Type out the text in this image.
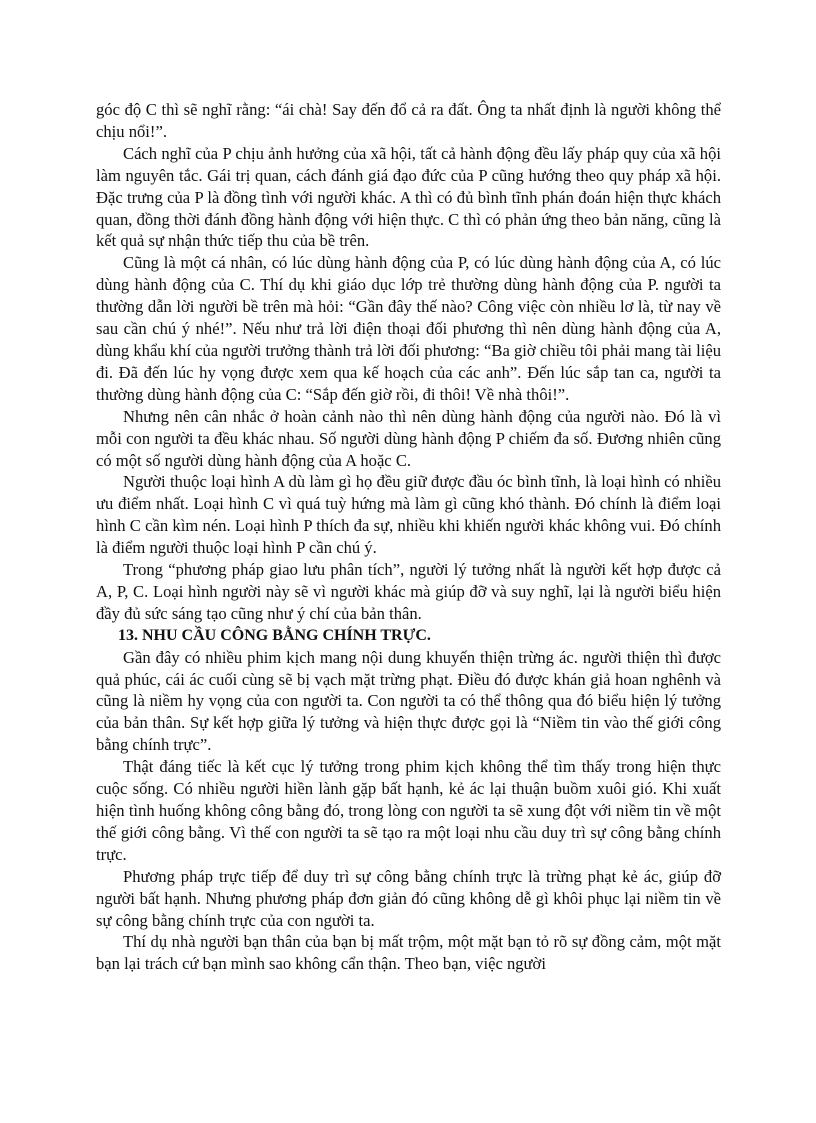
góc độ C thì sẽ nghĩ rằng: “ái chà! Say đến đổ cả ra đất. Ông ta nhất định là người không thể chịu nổi!”.

Cách nghĩ của P chịu ảnh hưởng của xã hội, tất cả hành động đều lấy pháp quy của xã hội làm nguyên tắc. Gái trị quan, cách đánh giá đạo đức của P cũng hướng theo quy pháp xã hội. Đặc trưng của P là đồng tình với người khác. A thì có đủ bình tĩnh phán đoán hiện thực khách quan, đồng thời đánh đồng hành động với hiện thực. C thì có phản ứng theo bản năng, cũng là kết quả sự nhận thức tiếp thu của bề trên.

Cũng là một cá nhân, có lúc dùng hành động của P, có lúc dùng hành động của A, có lúc dùng hành động của C. Thí dụ khi giáo dục lớp trẻ thường dùng hành động của P. người ta thường dẫn lời người bề trên mà hỏi: “Gần đây thế nào? Công việc còn nhiều lơ là, từ nay về sau cần chú ý nhé!”. Nếu như trả lời điện thoại đối phương thì nên dùng hành động của A, dùng khẩu khí của người trưởng thành trả lời đối phương: “Ba giờ chiều tôi phải mang tài liệu đi. Đã đến lúc hy vọng được xem qua kế hoạch của các anh”. Đến lúc sắp tan ca, người ta thường dùng hành động của C: “Sắp đến giờ rồi, đi thôi! Về nhà thôi!”.

Nhưng nên cân nhắc ở hoàn cảnh nào thì nên dùng hành động của người nào. Đó là vì mỗi con người ta đều khác nhau. Số người dùng hành động P chiếm đa số. Đương nhiên cũng có một số người dùng hành động của A hoặc C.

Người thuộc loại hình A dù làm gì họ đều giữ được đầu óc bình tĩnh, là loại hình có nhiều ưu điểm nhất. Loại hình C vì quá tuỳ hứng mà làm gì cũng khó thành. Đó chính là điểm loại hình C cần kìm nén. Loại hình P thích đa sự, nhiều khi khiến người khác không vui. Đó chính là điểm người thuộc loại hình P cần chú ý.

Trong “phương pháp giao lưu phân tích”, người lý tưởng nhất là người kết hợp được cả A, P, C. Loại hình người này sẽ vì người khác mà giúp đỡ và suy nghĩ, lại là người biểu hiện đầy đủ sức sáng tạo cũng như ý chí của bản thân.

13. NHU CẦU CÔNG BẰNG CHÍNH TRỰC.

Gần đây có nhiều phim kịch mang nội dung khuyến thiện trừng ác. người thiện thì được quả phúc, cái ác cuối cùng sẽ bị vạch mặt trừng phạt. Điều đó được khán giả hoan nghênh và cũng là niềm hy vọng của con người ta. Con người ta có thể thông qua đó biểu hiện lý tưởng của bản thân. Sự kết hợp giữa lý tưởng và hiện thực được gọi là “Niềm tin vào thế giới công bằng chính trực”.

Thật đáng tiếc là kết cục lý tưởng trong phim kịch không thể tìm thấy trong hiện thực cuộc sống. Có nhiều người hiền lành gặp bất hạnh, kẻ ác lại thuận buồm xuôi gió. Khi xuất hiện tình huống không công bằng đó, trong lòng con người ta sẽ xung đột với niềm tin về một thế giới công bằng. Vì thế con người ta sẽ tạo ra một loại nhu cầu duy trì sự công bằng chính trực.

Phương pháp trực tiếp để duy trì sự công bằng chính trực là trừng phạt kẻ ác, giúp đỡ người bất hạnh. Nhưng phương pháp đơn giản đó cũng không dễ gì khôi phục lại niềm tin về sự công bằng chính trực của con người ta.

Thí dụ nhà người bạn thân của bạn bị mất trộm, một mặt bạn tỏ rõ sự đồng cảm, một mặt bạn lại trách cứ bạn mình sao không cẩn thận. Theo bạn, việc người
